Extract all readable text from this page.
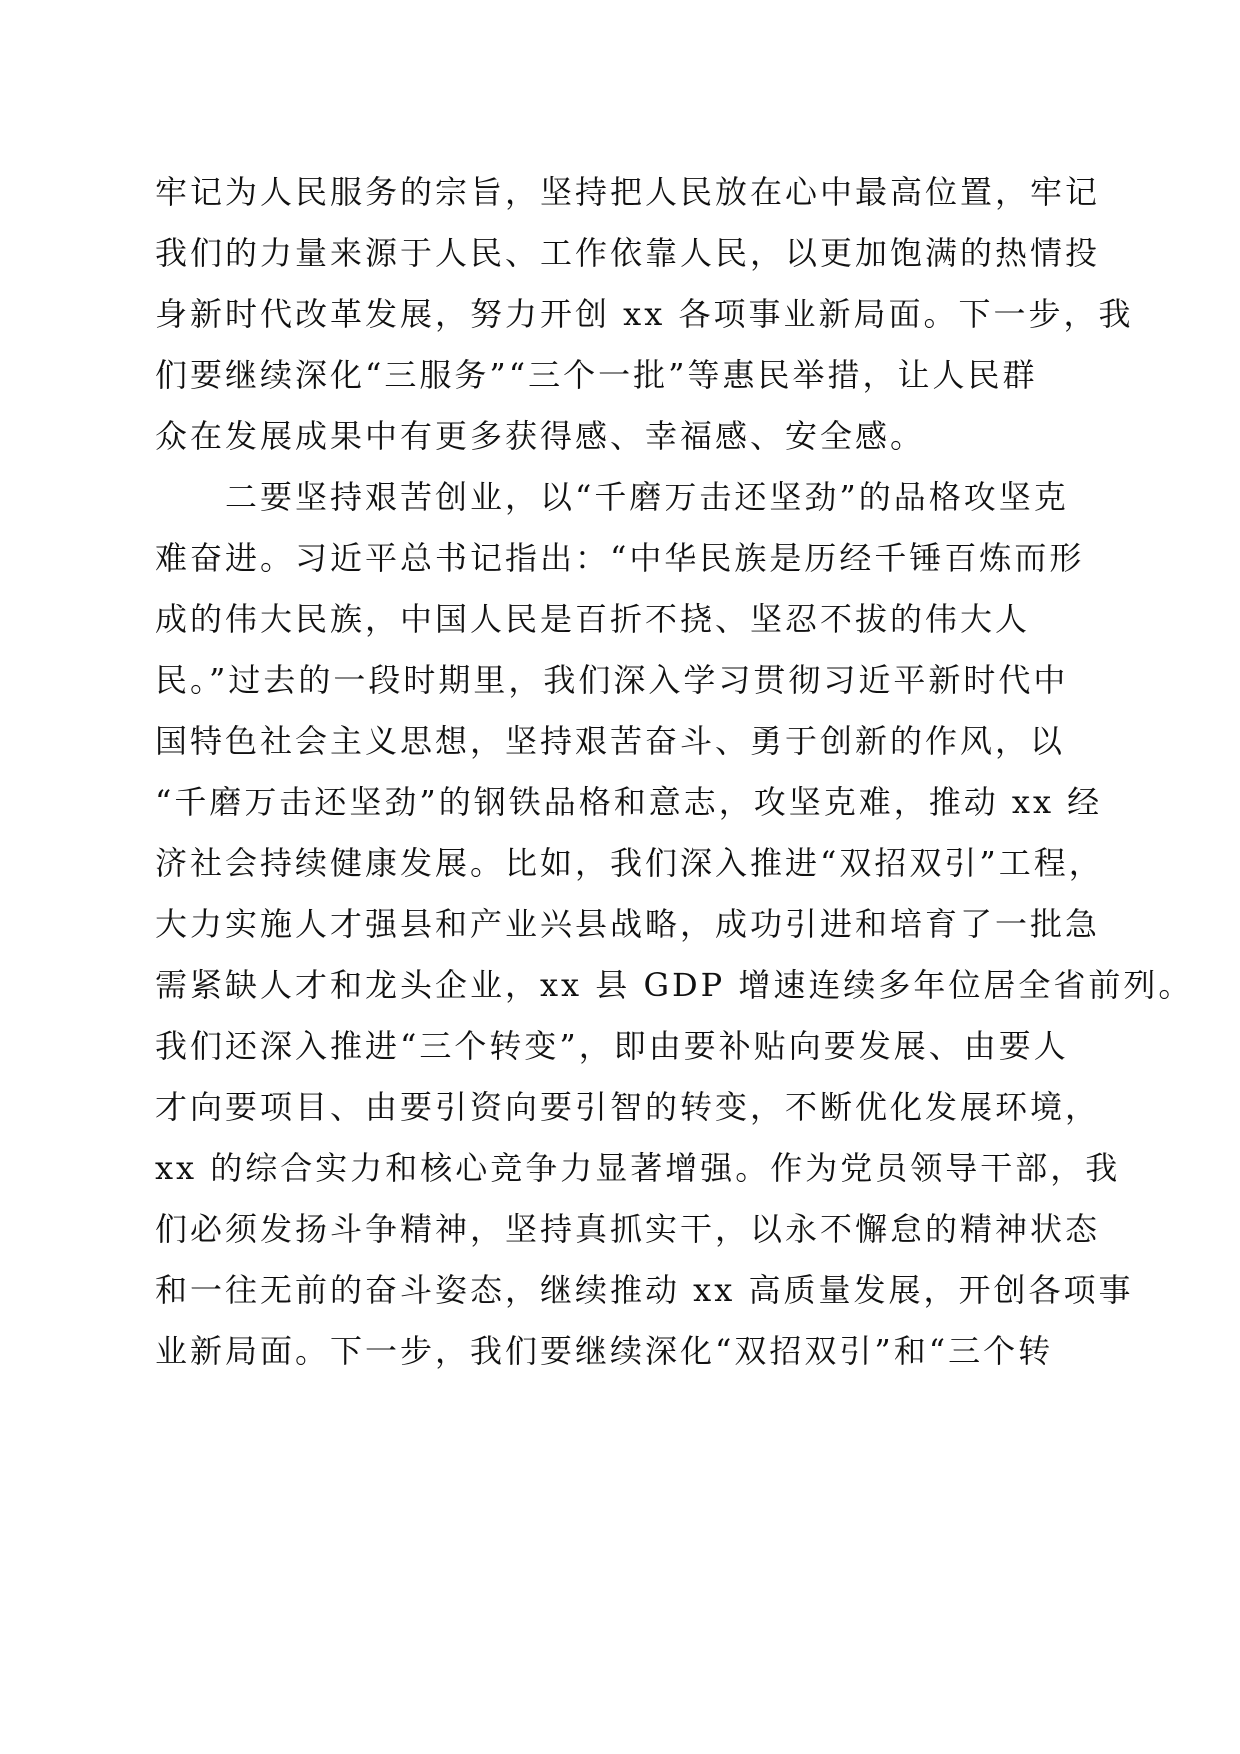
牢记为人民服务的宗旨，坚持把人民放在心中最高位置，牢记
我们的力量来源于人民、工作依靠人民，以更加饱满的热情投
身新时代改革发展，努力开创 xx 各项事业新局面。下一步，我
们要继续深化“三服务”“三个一批”等惠民举措，让人民群
众在发展成果中有更多获得感、幸福感、安全感。
二要坚持艰苦创业，以“千磨万击还坚劲”的品格攻坚克
难奋进。习近平总书记指出：“中华民族是历经千锤百炼而形
成的伟大民族，中国人民是百折不挠、坚忍不拔的伟大人
民。”过去的一段时期里，我们深入学习贯彻习近平新时代中
国特色社会主义思想，坚持艰苦奋斗、勇于创新的作风，以
“千磨万击还坚劲”的钢铁品格和意志，攻坚克难，推动 xx 经
济社会持续健康发展。比如，我们深入推进“双招双引”工程，
大力实施人才强县和产业兴县战略，成功引进和培育了一批急
需紧缺人才和龙头企业，xx 县 GDP 增速连续多年位居全省前列。
我们还深入推进“三个转变”，即由要补贴向要发展、由要人
才向要项目、由要引资向要引智的转变，不断优化发展环境，
xx 的综合实力和核心竞争力显著增强。作为党员领导干部，我
们必须发扬斗争精神，坚持真抓实干，以永不懈怠的精神状态
和一往无前的奋斗姿态，继续推动 xx 高质量发展，开创各项事
业新局面。下一步，我们要继续深化“双招双引”和“三个转
